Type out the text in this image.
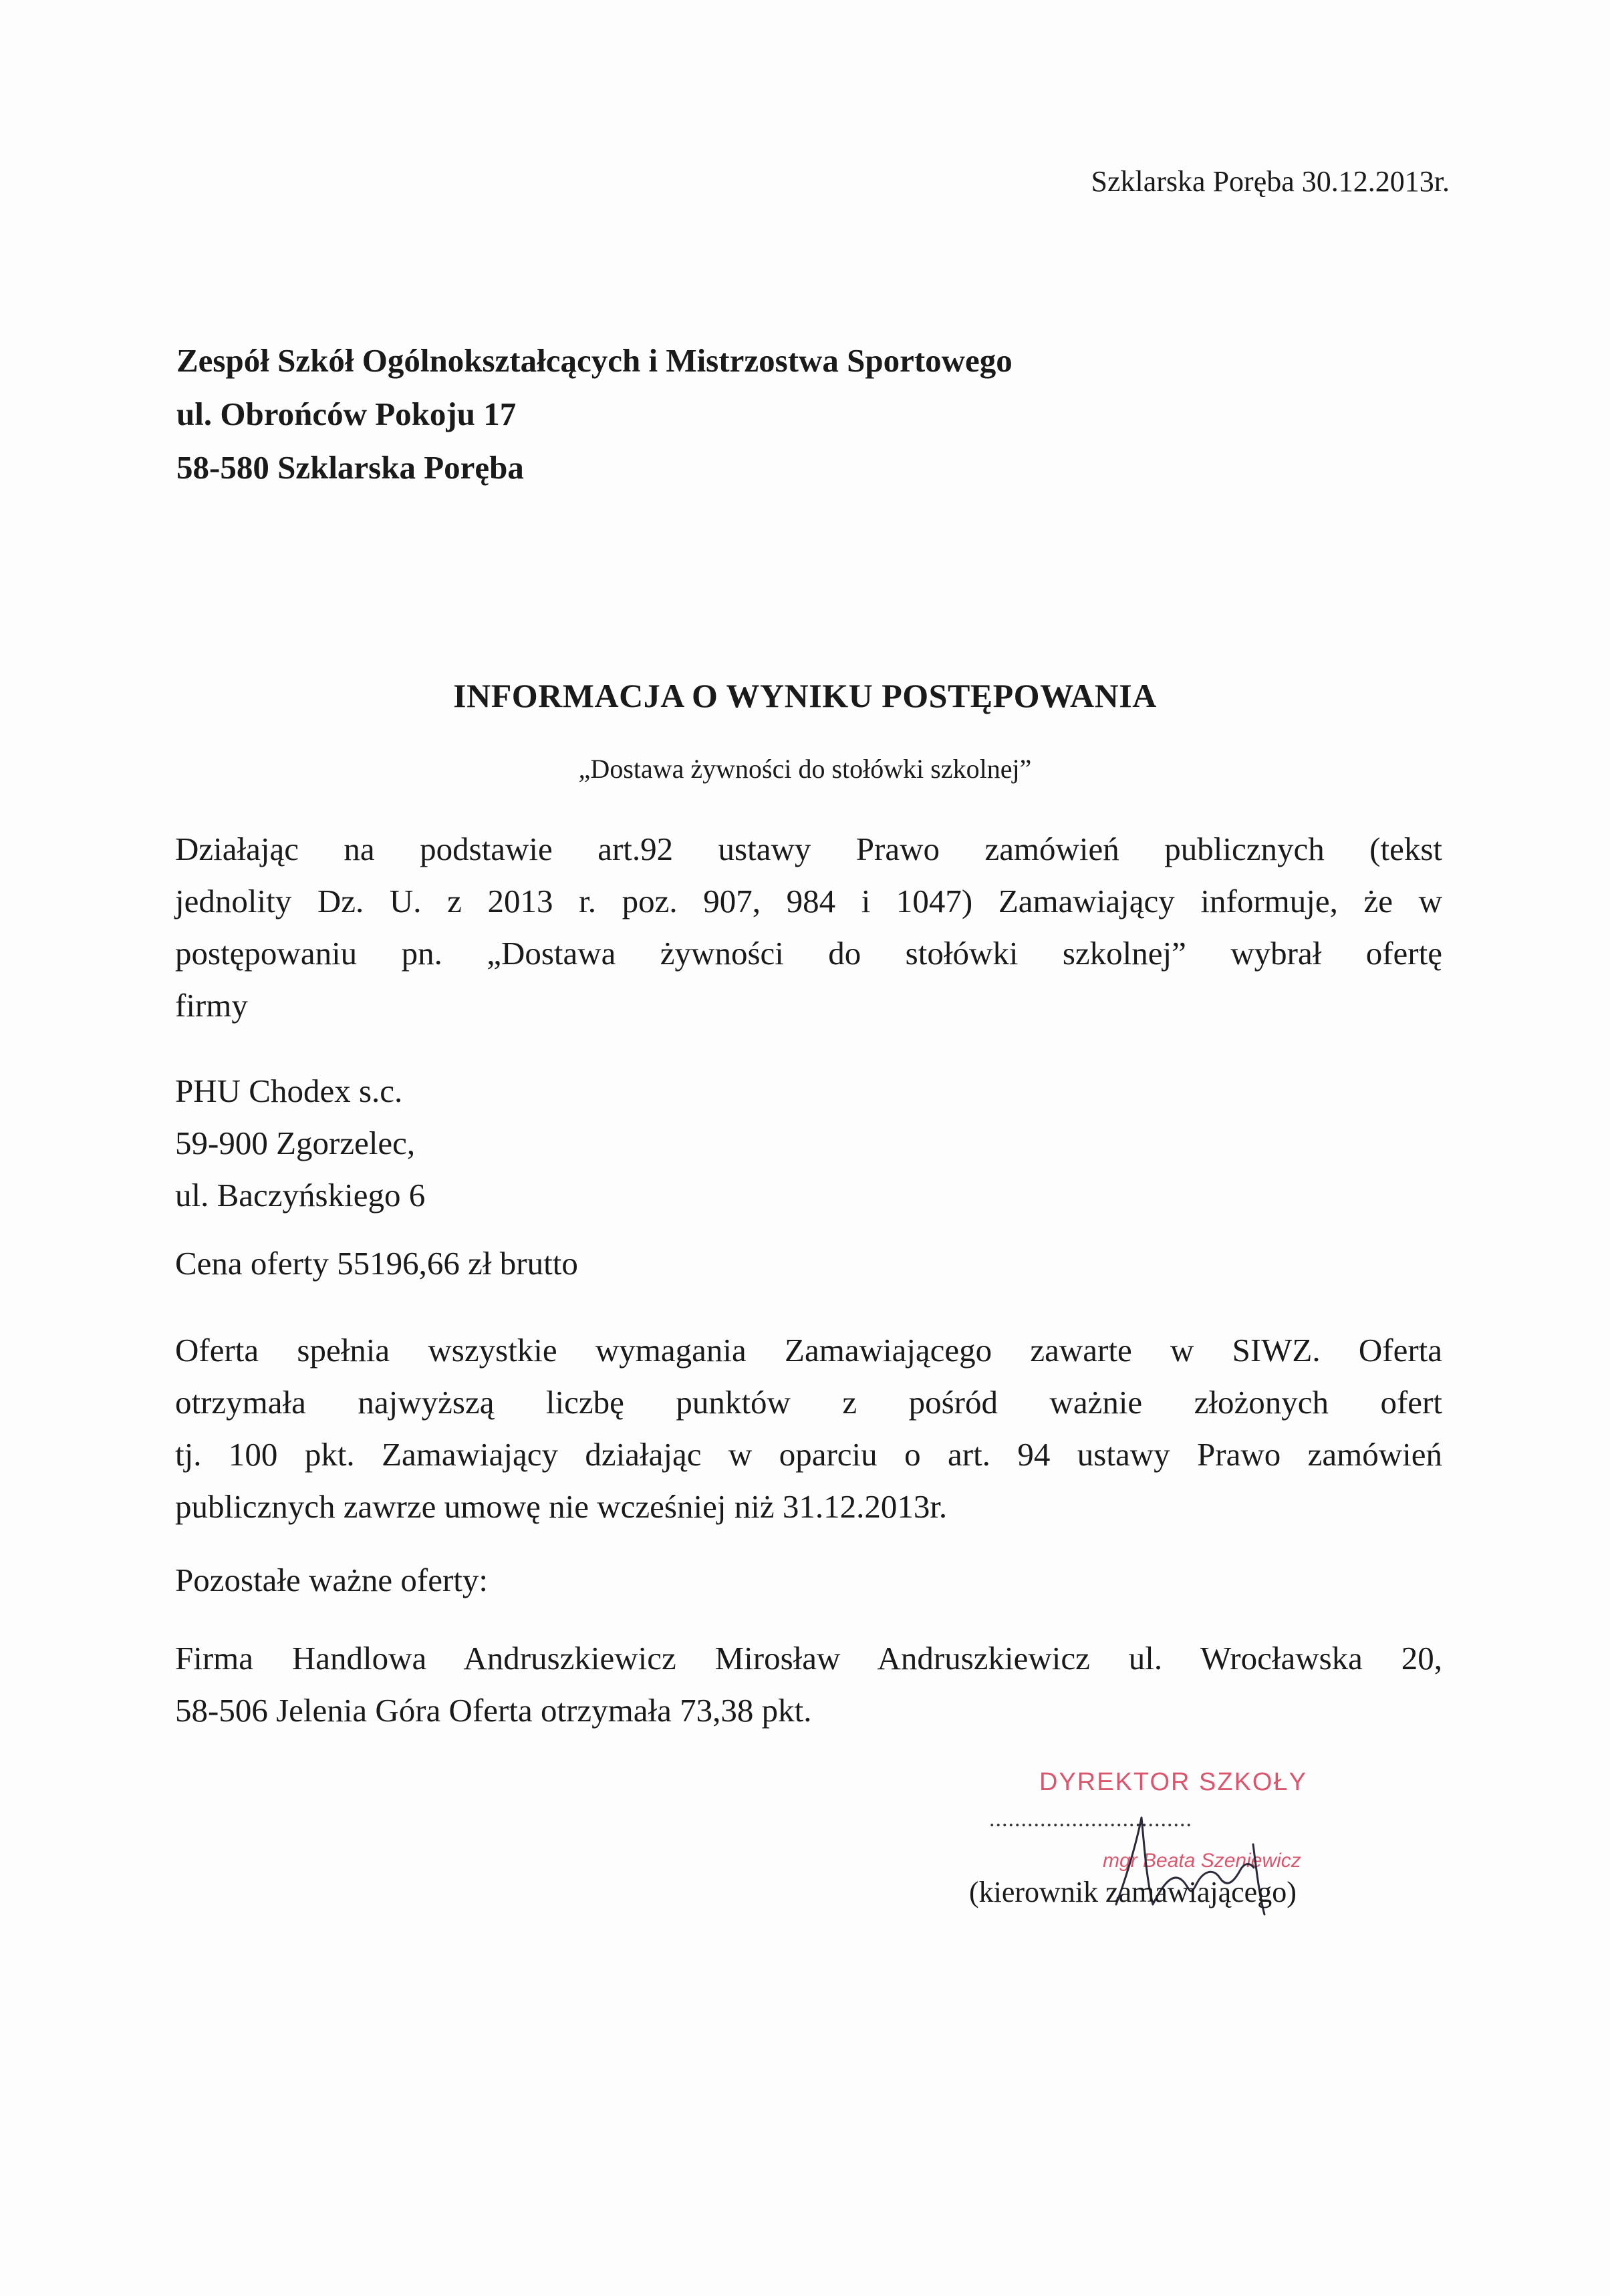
Szklarska Poręba 30.12.2013r.
Zespół Szkół Ogólnokształcących i Mistrzostwa Sportowego
ul. Obrońców Pokoju 17
58-580 Szklarska Poręba
INFORMACJA O WYNIKU POSTĘPOWANIA
„Dostawa żywności do stołówki szkolnej”
Działając na podstawie art.92 ustawy Prawo zamówień publicznych (tekst
jednolity Dz. U. z 2013 r. poz. 907, 984 i 1047) Zamawiający informuje, że w
postępowaniu pn. „Dostawa żywności do stołówki szkolnej” wybrał ofertę
firmy
PHU Chodex s.c.
59-900 Zgorzelec,
ul. Baczyńskiego 6
Cena oferty 55196,66 zł brutto
Oferta spełnia wszystkie wymagania Zamawiającego zawarte w SIWZ. Oferta
otrzymała najwyższą liczbę punktów z pośród ważnie złożonych ofert
tj. 100 pkt. Zamawiający działając w oparciu o art. 94 ustawy Prawo zamówień
publicznych zawrze umowę nie wcześniej niż 31.12.2013r.
Pozostałe ważne oferty:
Firma Handlowa Andruszkiewicz Mirosław Andruszkiewicz ul. Wrocławska 20,
58-506 Jelenia Góra Oferta otrzymała 73,38 pkt.
DYREKTOR SZKOŁY
................................
mgr Beata Szeniewicz
(kierownik zamawiającego)
